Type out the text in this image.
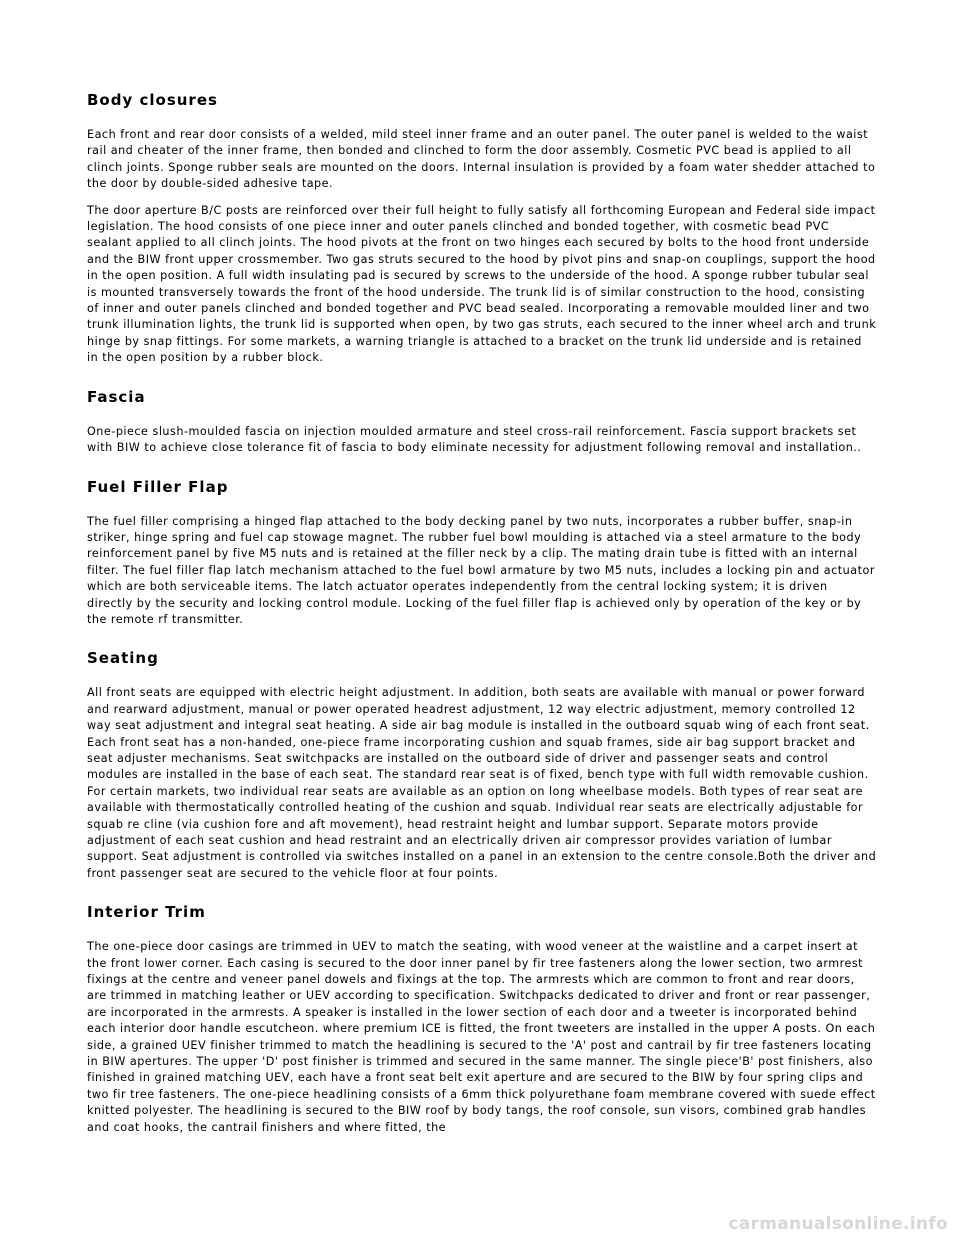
Body closures

Each front and rear door consists of a welded, mild steel inner frame and an outer panel. The outer panel is welded to the waist rail and cheater of the inner frame, then bonded and clinched to form the door assembly. Cosmetic PVC bead is applied to all clinch joints. Sponge rubber seals are mounted on the doors. Internal insulation is provided by a foam water shedder attached to the door by double-sided adhesive tape.

The door aperture B/C posts are reinforced over their full height to fully satisfy all forthcoming European and Federal side impact legislation. The hood consists of one piece inner and outer panels clinched and bonded together, with cosmetic bead PVC sealant applied to all clinch joints. The hood pivots at the front on two hinges each secured by bolts to the hood front underside and the BIW front upper crossmember. Two gas struts secured to the hood by pivot pins and snap-on couplings, support the hood in the open position. A full width insulating pad is secured by screws to the underside of the hood. A sponge rubber tubular seal is mounted transversely towards the front of the hood underside. The trunk lid is of similar construction to the hood, consisting of inner and outer panels clinched and bonded together and PVC bead sealed. Incorporating a removable moulded liner and two trunk illumination lights, the trunk lid is supported when open, by two gas struts, each secured to the inner wheel arch and trunk hinge by snap fittings. For some markets, a warning triangle is attached to a bracket on the trunk lid underside and is retained in the open position by a rubber block.

Fascia

One-piece slush-moulded fascia on injection moulded armature and steel cross-rail reinforcement. Fascia support brackets set with BIW to achieve close tolerance fit of fascia to body eliminate necessity for adjustment following removal and installation..

Fuel Filler Flap

The fuel filler comprising a hinged flap attached to the body decking panel by two nuts, incorporates a rubber buffer, snap-in striker, hinge spring and fuel cap stowage magnet. The rubber fuel bowl moulding is attached via a steel armature to the body reinforcement panel by five M5 nuts and is retained at the filler neck by a clip. The mating drain tube is fitted with an internal filter. The fuel filler flap latch mechanism attached to the fuel bowl armature by two M5 nuts, includes a locking pin and actuator which are both serviceable items. The latch actuator operates independently from the central locking system; it is driven directly by the security and locking control module. Locking of the fuel filler flap is achieved only by operation of the key or by the remote rf transmitter.

Seating

All front seats are equipped with electric height adjustment. In addition, both seats are available with manual or power forward and rearward adjustment, manual or power operated headrest adjustment, 12 way electric adjustment, memory controlled 12 way seat adjustment and integral seat heating. A side air bag module is installed in the outboard squab wing of each front seat. Each front seat has a non-handed, one-piece frame incorporating cushion and squab frames, side air bag support bracket and seat adjuster mechanisms. Seat switchpacks are installed on the outboard side of driver and passenger seats and control modules are installed in the base of each seat. The standard rear seat is of fixed, bench type with full width removable cushion. For certain markets, two individual rear seats are available as an option on long wheelbase models. Both types of rear seat are available with thermostatically controlled heating of the cushion and squab. Individual rear seats are electrically adjustable for squab re cline (via cushion fore and aft movement), head restraint height and lumbar support. Separate motors provide adjustment of each seat cushion and head restraint and an electrically driven air compressor provides variation of lumbar support. Seat adjustment is controlled via switches installed on a panel in an extension to the centre console.Both the driver and front passenger seat are secured to the vehicle floor at four points.

Interior Trim

The one-piece door casings are trimmed in UEV to match the seating, with wood veneer at the waistline and a carpet insert at the front lower corner. Each casing is secured to the door inner panel by fir tree fasteners along the lower section, two armrest fixings at the centre and veneer panel dowels and fixings at the top. The armrests which are common to front and rear doors, are trimmed in matching leather or UEV according to specification. Switchpacks dedicated to driver and front or rear passenger, are incorporated in the armrests. A speaker is installed in the lower section of each door and a tweeter is incorporated behind each interior door handle escutcheon. where premium ICE is fitted, the front tweeters are installed in the upper A posts. On each side, a grained UEV finisher trimmed to match the headlining is secured to the 'A' post and cantrail by fir tree fasteners locating in BIW apertures. The upper 'D' post finisher is trimmed and secured in the same manner. The single piece'B' post finishers, also finished in grained matching UEV, each have a front seat belt exit aperture and are secured to the BIW by four spring clips and two fir tree fasteners. The one-piece headlining consists of a 6mm thick polyurethane foam membrane covered with suede effect knitted polyester. The headlining is secured to the BIW roof by body tangs, the roof console, sun visors, combined grab handles and coat hooks, the cantrail finishers and where fitted, the

carmanualsonline.info
